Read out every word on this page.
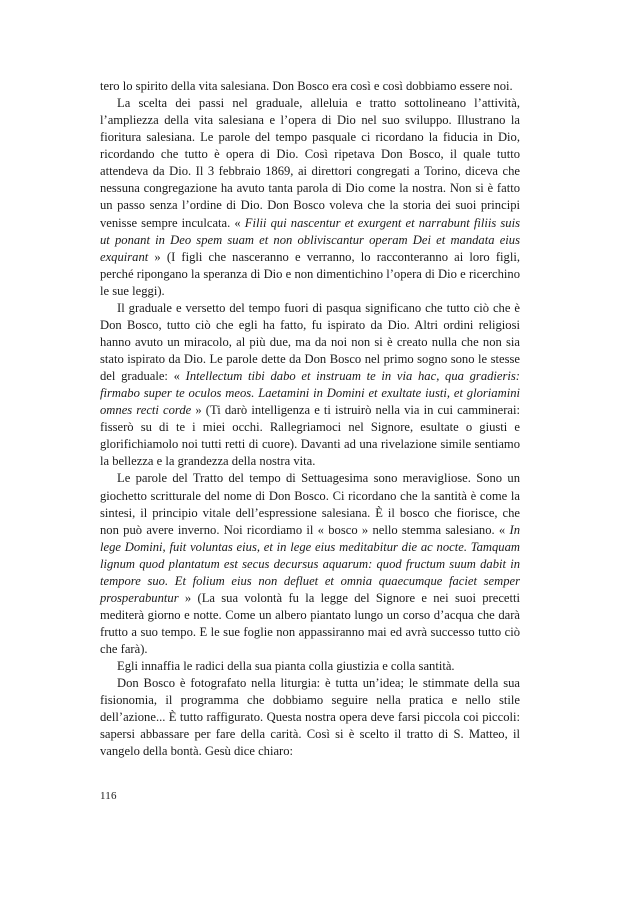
tero lo spirito della vita salesiana. Don Bosco era così e così dobbiamo essere noi.

La scelta dei passi nel graduale, alleluia e tratto sottolineano l’attività, l’ampliezza della vita salesiana e l’opera di Dio nel suo sviluppo. Illustrano la fioritura salesiana. Le parole del tempo pasquale ci ricordano la fiducia in Dio, ricordando che tutto è opera di Dio. Così ripetava Don Bosco, il quale tutto attendeva da Dio. Il 3 febbraio 1869, ai direttori congregati a Torino, diceva che nessuna congregazione ha avuto tanta parola di Dio come la nostra. Non si è fatto un passo senza l’ordine di Dio. Don Bosco voleva che la storia dei suoi principi venisse sempre inculcata. « Filii qui nascentur et exurgent et narrabunt filiis suis ut ponant in Deo spem suam et non obliviscantur operam Dei et mandata eius exquirant » (I figli che nasceranno e verranno, lo racconteranno ai loro figli, perché ripongano la speranza di Dio e non dimentichino l’opera di Dio e ricerchino le sue leggi).

Il graduale e versetto del tempo fuori di pasqua significano che tutto ciò che è Don Bosco, tutto ciò che egli ha fatto, fu ispirato da Dio. Altri ordini religiosi hanno avuto un miracolo, al più due, ma da noi non si è creato nulla che non sia stato ispirato da Dio. Le parole dette da Don Bosco nel primo sogno sono le stesse del graduale: « Intellectum tibi dabo et instruam te in via hac, qua gradieris: firmabo super te oculos meos. Laetamini in Domini et exultate iusti, et gloriamini omnes recti corde » (Ti darò intelligenza e ti istruirò nella via in cui camminerai: fisserò su di te i miei occhi. Rallegriamoci nel Signore, esultate o giusti e glorifichiamolo noi tutti retti di cuore). Davanti ad una rivelazione simile sentiamo la bellezza e la grandezza della nostra vita.

Le parole del Tratto del tempo di Settuagesima sono meravigliose. Sono un giochetto scritturale del nome di Don Bosco. Ci ricordano che la santità è come la sintesi, il principio vitale dell’espressione salesiana. È il bosco che fiorisce, che non può avere inverno. Noi ricordiamo il « bosco » nello stemma salesiano. « In lege Domini, fuit voluntas eius, et in lege eius meditabitur die ac nocte. Tamquam lignum quod plantatum est secus decursus aquarum: quod fructum suum dabit in tempore suo. Et folium eius non defluet et omnia quaecumque faciet semper prosperabuntur » (La sua volontà fu la legge del Signore e nei suoi precetti mediterà giorno e notte. Come un albero piantato lungo un corso d’acqua che darà frutto a suo tempo. E le sue foglie non appassiranno mai ed avrà successo tutto ciò che farà).

Egli innaffia le radici della sua pianta colla giustizia e colla santità.

Don Bosco è fotografato nella liturgia: è tutta un’idea; le stimmate della sua fisionomia, il programma che dobbiamo seguire nella pratica e nello stile dell’azione... È tutto raffigurato. Questa nostra opera deve farsi piccola coi piccoli: sapersi abbassare per fare della carità. Così si è scelto il tratto di S. Matteo, il vangelo della bontà. Gesù dice chiaro:

116
